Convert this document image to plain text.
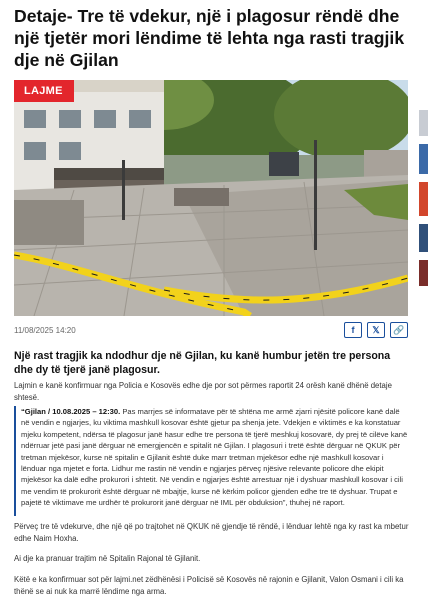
Detaje- Tre të vdekur, një i plagosur rëndë dhe një tjetër mori lëndime të lehta nga rasti tragjik dje në Gjilan
LAJME
11/08/2025 14:20	f	𝕏	🔗
Një rast tragjik ka ndodhur dje në Gjilan, ku kanë humbur jetën tre persona dhe dy të tjerë janë plagosur.
Lajmin e kanë konfirmuar nga Policia e Kosovës edhe dje por sot përmes raportit 24 orësh kanë dhënë detaje shtesë.
“Gjilan / 10.08.2025 – 12:30. Pas marrjes së informatave për të shtëna me armë zjarri njësitë policore kanë dalë në vendin e ngjarjes, ku viktima mashkull kosovar është gjetur pa shenja jete. Vdekjen e viktimës e ka konstatuar mjeku kompetent, ndërsa të plagosur janë hasur edhe tre persona të tjerë meshkuj kosovarë, dy prej të cilëve kanë ndërruar jetë pasi janë dërguar në emergjencën e spitalit në Gjilan. I plagosuri i tretë është dërguar në QKUK për tretman mjekësor, kurse në spitalin e Gjilanit është duke marr tretman mjekësor edhe një mashkull kosovar i lënduar nga mjetet e forta. Lidhur me rastin në vendin e ngjarjes përveç njësive relevante policore dhe ekipit mjekësor ka dalë edhe prokurori i shtetit. Në vendin e ngjarjes është arrestuar një i dyshuar mashkull kosovar i cili me vendim të prokurorit është dërguar në mbajtje, kurse në kërkim policor gjenden edhe tre të dyshuar. Trupat e pajetë të viktimave me urdhër të prokurorit janë dërguar në IML për obduksion”, thuhej në raport.
Përveç tre të vdekurve, dhe një që po trajtohet në QKUK në gjendje të rëndë, i lënduar lehtë nga ky rast ka mbetur edhe Naim Hoxha.
Ai dje ka pranuar trajtim në Spitalin Rajonal të Gjilanit.
Këtë e ka konfirmuar sot për lajmi.net zëdhënësi i Policisë së Kosovës në rajonin e Gjilanit, Valon Osmani i cili ka thënë se ai nuk ka marrë lëndime nga arma.
